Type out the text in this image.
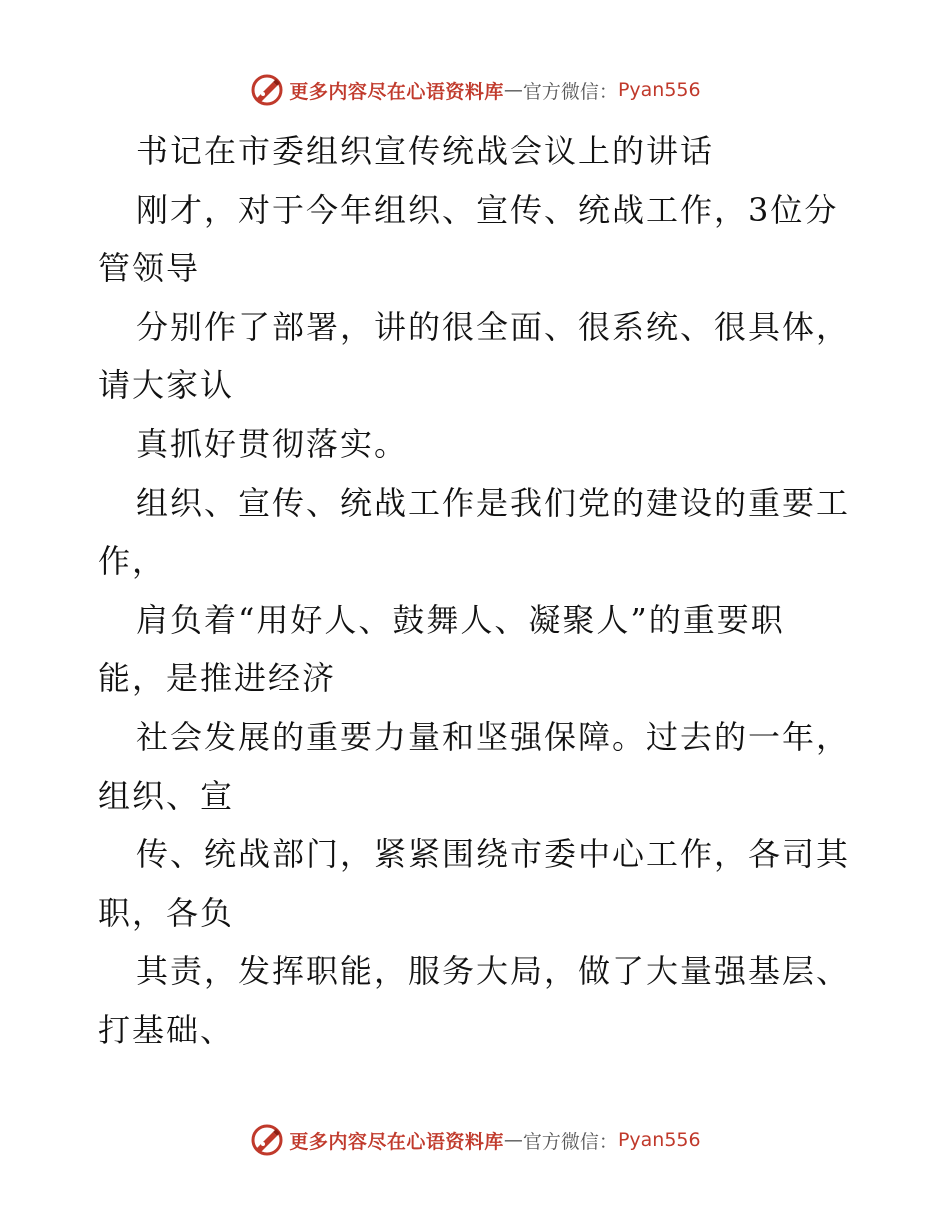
更多内容尽在心语资料库 — 官方微信： Pyan556
书记在市委组织宣传统战会议上的讲话
刚才，对于今年组织、宣传、统战工作，3位分
管领导
分别作了部署，讲的很全面、很系统、很具体，
请大家认
真抓好贯彻落实。
组织、宣传、统战工作是我们党的建设的重要工
作，
肩负着“用好人、鼓舞人、凝聚人”的重要职
能，是推进经济
社会发展的重要力量和坚强保障。过去的一年，
组织、宣
传、统战部门，紧紧围绕市委中心工作，各司其
职，各负
其责，发挥职能，服务大局，做了大量强基层、
打基础、
更多内容尽在心语资料库 — 官方微信： Pyan556
